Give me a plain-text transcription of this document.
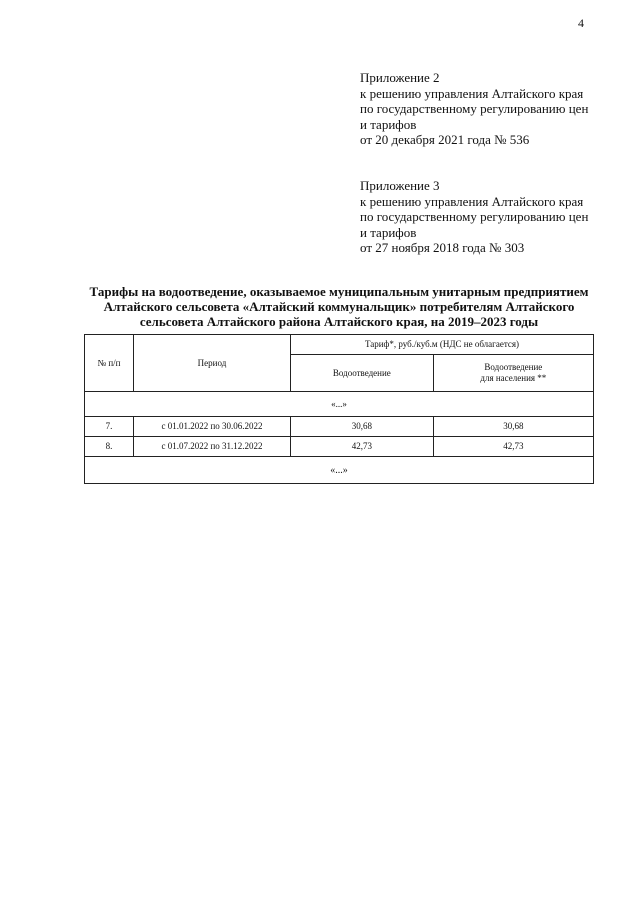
4
Приложение 2
к решению управления Алтайского края
по государственному регулированию цен
и тарифов
от 20 декабря 2021 года № 536
Приложение 3
к решению управления Алтайского края
по государственному регулированию цен
и тарифов
от 27 ноября 2018 года № 303
Тарифы на водоотведение, оказываемое муниципальным унитарным предприятием Алтайского сельсовета «Алтайский коммунальщик» потребителям Алтайского сельсовета Алтайского района Алтайского края, на 2019–2023 годы
№ п/п	Период	Тариф*, руб./куб.м (НДС не облагается)	
		Водоотведение	Водоотведение
для населения **

«...»			
7.	с 01.01.2022 по 30.06.2022	30,68	30,68
8.	с 01.07.2022 по 31.12.2022	42,73	42,73
«...»			
